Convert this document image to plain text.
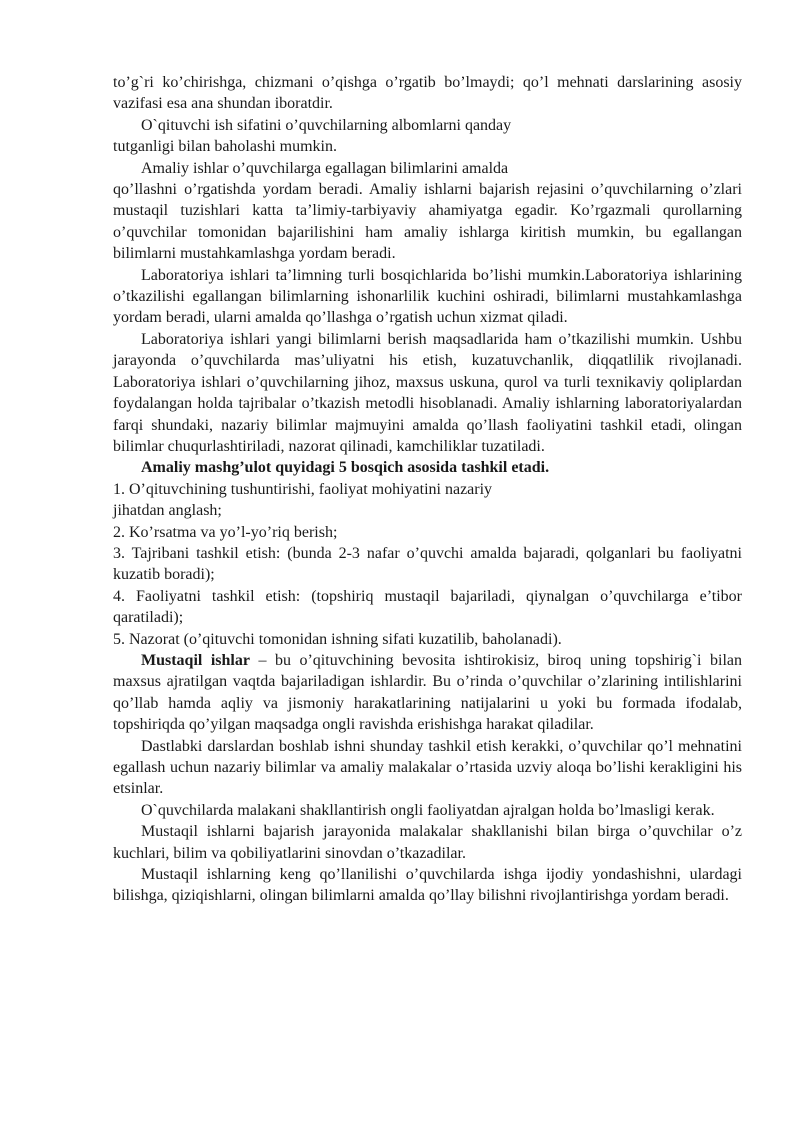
to’g`ri ko’chirishga, chizmani o’qishga o’rgatib bo’lmaydi; qo’l mehnati darslarining asosiy vazifasi esa ana shundan iboratdir.

O`qituvchi ish sifatini o’quvchilarning albomlarni qanday

tutganligi bilan baholashi mumkin.

Amaliy ishlar o’quvchilarga egallagan bilimlarini amalda

qo’llashni o’rgatishda yordam beradi. Amaliy ishlarni bajarish rejasini o’quvchilarning o’zlari mustaqil tuzishlari katta ta’limiy-tarbiyaviy ahamiyatga egadir. Ko’rgazmali qurollarning o’quvchilar tomonidan bajarilishini ham amaliy ishlarga kiritish mumkin, bu egallangan bilimlarni mustahkamlashga yordam beradi.

Laboratoriya ishlari ta’limning turli bosqichlarida bo’lishi mumkin.Laboratoriya ishlarining o’tkazilishi egallangan bilimlarning ishonarlilik kuchini oshiradi, bilimlarni mustahkamlashga yordam beradi, ularni amalda qo’llashga o’rgatish uchun xizmat qiladi.

Laboratoriya ishlari yangi bilimlarni berish maqsadlarida ham o’tkazilishi mumkin. Ushbu jarayonda o’quvchilarda mas’uliyatni his etish, kuzatuvchanlik, diqqatlilik rivojlanadi. Laboratoriya ishlari o’quvchilarning jihoz, maxsus uskuna, qurol va turli texnikaviy qoliplardan foydalangan holda tajribalar o’tkazish metodli hisoblanadi. Amaliy ishlarning laboratoriyalardan farqi shundaki, nazariy bilimlar majmuyini amalda qo’llash faoliyatini tashkil etadi, olingan bilimlar chuqurlashtiriladi, nazorat qilinadi, kamchiliklar tuzatiladi.

Amaliy mashg’ulot quyidagi 5 bosqich asosida tashkil etadi.

1. O’qituvchining tushuntirishi, faoliyat mohiyatini nazariy

jihatdan anglash;

2. Ko’rsatma va yo’l-yo’riq berish;

3. Tajribani tashkil etish: (bunda 2-3 nafar o’quvchi amalda bajaradi, qolganlari bu faoliyatni kuzatib boradi);

4. Faoliyatni tashkil etish: (topshiriq mustaqil bajariladi, qiynalgan o’quvchilarga e’tibor qaratiladi);

5. Nazorat (o’qituvchi tomonidan ishning sifati kuzatilib, baholanadi).

Mustaqil ishlar – bu o’qituvchining bevosita ishtirokisiz, biroq uning topshirig`i bilan maxsus ajratilgan vaqtda bajariladigan ishlardir. Bu o’rinda o’quvchilar o’zlarining intilishlarini qo’llab hamda aqliy va jismoniy harakatlarining natijalarini u yoki bu formada ifodalab, topshiriqda qo’yilgan maqsadga ongli ravishda erishishga harakat qiladilar.

Dastlabki darslardan boshlab ishni shunday tashkil etish kerakki, o’quvchilar qo’l mehnatini egallash uchun nazariy bilimlar va amaliy malakalar o’rtasida uzviy aloqa bo’lishi kerakligini his etsinlar.

O`quvchilarda malakani shakllantirish ongli faoliyatdan ajralgan holda bo’lmasligi kerak.

Mustaqil ishlarni bajarish jarayonida malakalar shakllanishi bilan birga o’quvchilar o’z kuchlari, bilim va qobiliyatlarini sinovdan o’tkazadilar.

Mustaqil ishlarning keng qo’llanilishi o’quvchilarda ishga ijodiy yondashishni, ulardagi bilishga, qiziqishlarni, olingan bilimlarni amalda qo’llay bilishni rivojlantirishga yordam beradi.
